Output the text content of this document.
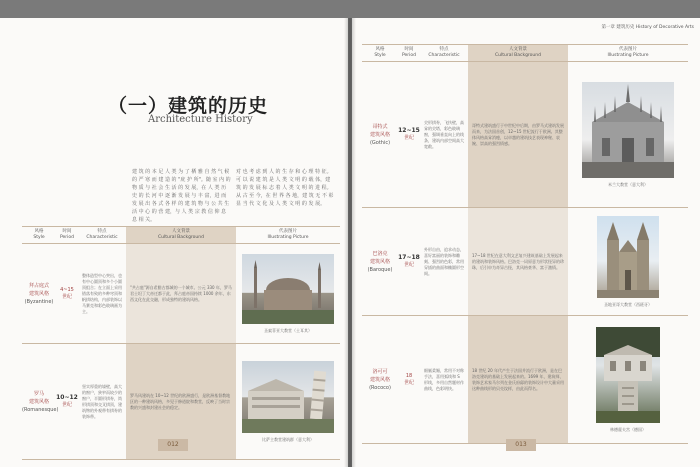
（一）建筑的历史
Architecture History
建 筑 的 本 足 人 类 为 了 栖 雅 自 然 气 候 的 严 寒 而 建 造 的 "庇 护 所"。随 室 内 的 物 质 与 社 会 生 活 的 发 展，在 人 类 历 史 的 长 河 中 逐 渐 发 展 与 丰 富，进 而 发 展 出 各 式 各 样 的 建 筑 物 与 公 共 生 活 中 心 的 营 建，与 人 类 宗 教 信 仰 息 息 相 关。
对 也 考 虑 到 人 的 生 存 和 心 理 特 征。可 以 说 建 筑 是 人 类 文 明 的 载 体，建 筑 的 发 展 标 志 着 人 类 文 明 的 进 程。从 古 至 今，在 世 界 各 地，建 筑 无 不 彰 显 当 代 文 化 及 人 类 文 明 的 发 展。
风格
Style	时间
Period	特点
Characteristic	人文背景
Cultural Background	代表图片
Illustrating Picture
拜占庭式
建筑风格
(Byzantine)	4~15
世纪	整体造型中心突出，也有中心圆顶和多个小圆顶组合；在立面上采用错落有致的多种穹顶和帆拱结构，内部装饰以马赛克和彩色玻璃画为主。	"共占庭"源自希腊古都城的一个城市。公元 330 年，罗马君士坦丁大帝迁都于此，拜占庭帝国持续 1000 余年，东西文化在此交融，形成独特的建筑风格。	圣索菲亚大教堂（土耳其）

罗马
建筑风格
(Romanesque)	10~12
世纪	坚实厚重的墙壁，高大的窗户，狭窄而较少的窗户，半圆形拱券，筒形拱顶和交叉拱顶，建筑物的外观带有拱券的装饰带。	罗马风建筑在 10~12 世纪的欧洲盛行，是欧洲基督教地区的一种建筑风格，多见于修道院和教堂，反映了当时宗教的兴盛和封建社会的稳定。	比萨主教堂建筑群（意大利）
012
第一章 建筑历史 History of Decorative Arts
风格
Style	时间
Period	特点
Characteristic	人文背景
Cultural Background	代表图片
Illustrating Picture
哥特式
建筑风格
(Gothic)	12~15
世纪	尖形拱券，飞扶壁，高耸的尖塔，彩色玻璃窗，强调垂直向上的线条，建筑内部空间高大宽敞。	哥特式建筑盛行于中世纪中后期，由罗马式建筑发展而来，为法国首创，12~15 世纪流行于欧洲。其整体风格高耸消瘦，以卓越的建筑技艺表现神秘、哀婉、崇高的强烈情感。	米兰大教堂（意大利）

巴洛克
建筑风格
(Baroque)	17~18
世纪	外形自由，追求动态，喜好富丽的装饰和雕刻、强烈的色彩，常用穿插的曲面和椭圆形空间。	17~18 世纪在意大利文艺复兴建筑基础上发展起来的建筑和装饰风格。巴洛克一词原意为形状怪异的珍珠，后引申为奇异古怪，其风格豪华、富于激情。	圣地亚哥大教堂（西班牙）

洛可可
建筑风格
(Rococo)	18
世纪	细腻柔媚，常用不对称手法，喜用弧线和 S 形线，多用自然题材作曲线，色彩明快。	18 世纪 20 年代产生于法国并流行于欧洲，是在巴洛克建筑的基础上发展起来的。1699 年，建筑师、装饰艺术家马尔列在金氏府邸的装饰设计中大量采用这种曲线形的贝壳纹样，由此而得名。	林德霍夫宫（德国）
013
